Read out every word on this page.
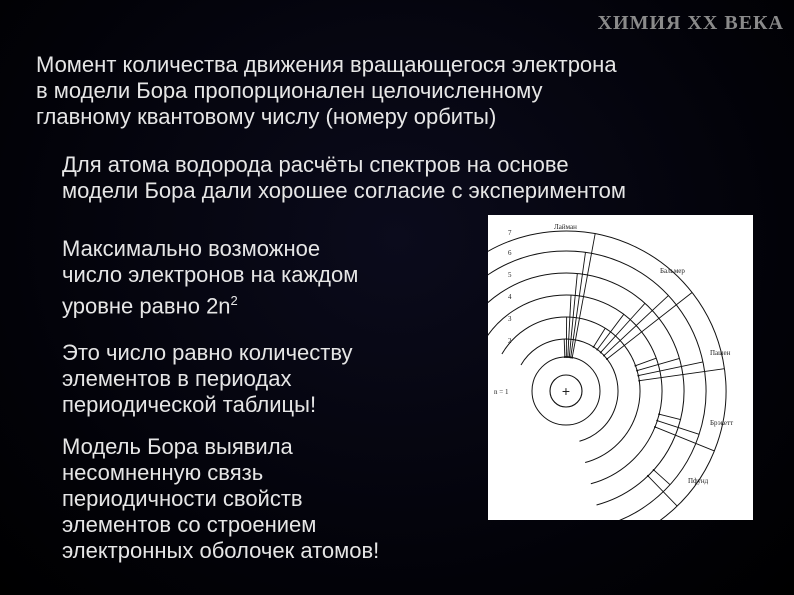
ХИМИЯ XX ВЕКА
Момент количества движения вращающегося электрона
в модели Бора пропорционален целочисленному
главному квантовому числу (номеру орбиты)
Для атома водорода расчёты спектров на основе
модели Бора дали хорошее согласие с экспериментом
Максимально возможное
число электронов на каждом
уровне равно $2n^2$
Это число равно количеству
элементов в периодах
периодической таблицы!
Модель Бора выявила
несомненную связь
периодичности свойств
элементов со строением
электронных оболочек атомов!
+
n = 1
2
3
4
5
6
7
Лайман
Бальмер
Пашен
Брэкетт
Пфунд
